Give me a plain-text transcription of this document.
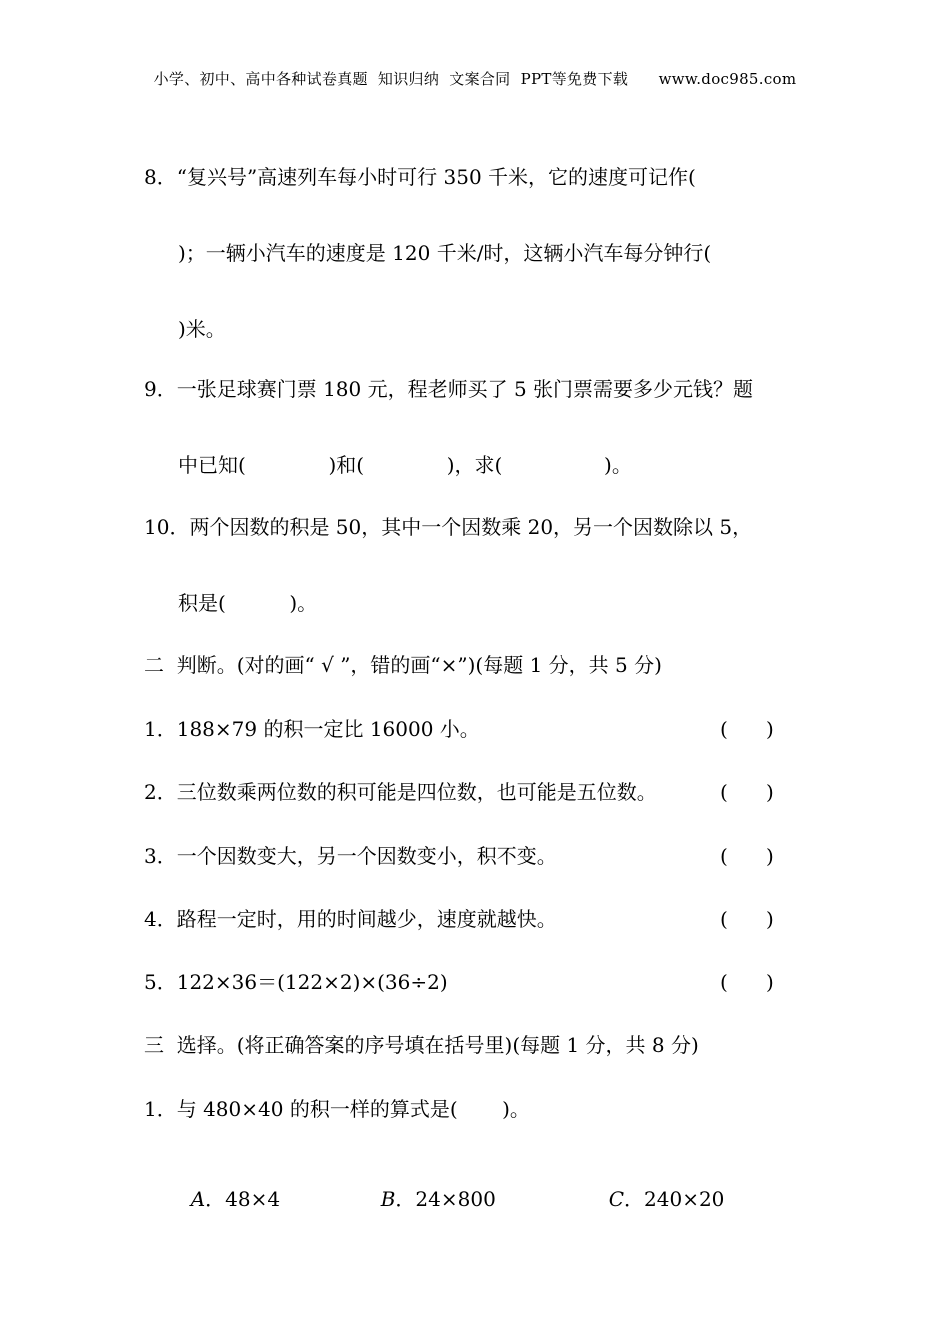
小学、初中、高中各种试卷真题  知识归纳  文案合同  PPT等免费下载      www.doc985.com
8．“复兴号”高速列车每小时可行 350 千米，它的速度可记作(
)；一辆小汽车的速度是 120 千米/时，这辆小汽车每分钟行(
)米。
9．一张足球赛门票 180 元，程老师买了 5 张门票需要多少元钱？题
中已知(             )和(             )，求(                )。
10．两个因数的积是 50，其中一个因数乘 20，另一个因数除以 5，
积是(          )。
二  判断。(对的画“ √ ”，错的画“×”)(每题 1 分，共 5 分)
1．188×79 的积一定比 16000 小。	(      )
2．三位数乘两位数的积可能是四位数，也可能是五位数。	(      )
3．一个因数变大，另一个因数变小，积不变。	(      )
4．路程一定时，用的时间越少，速度就越快。	(      )
5．122×36＝(122×2)×(36÷2)	(      )
三  选择。(将正确答案的序号填在括号里)(每题 1 分，共 8 分)
1．与 480×40 的积一样的算式是(       )。

A．48×4	B．24×800	C．240×20
